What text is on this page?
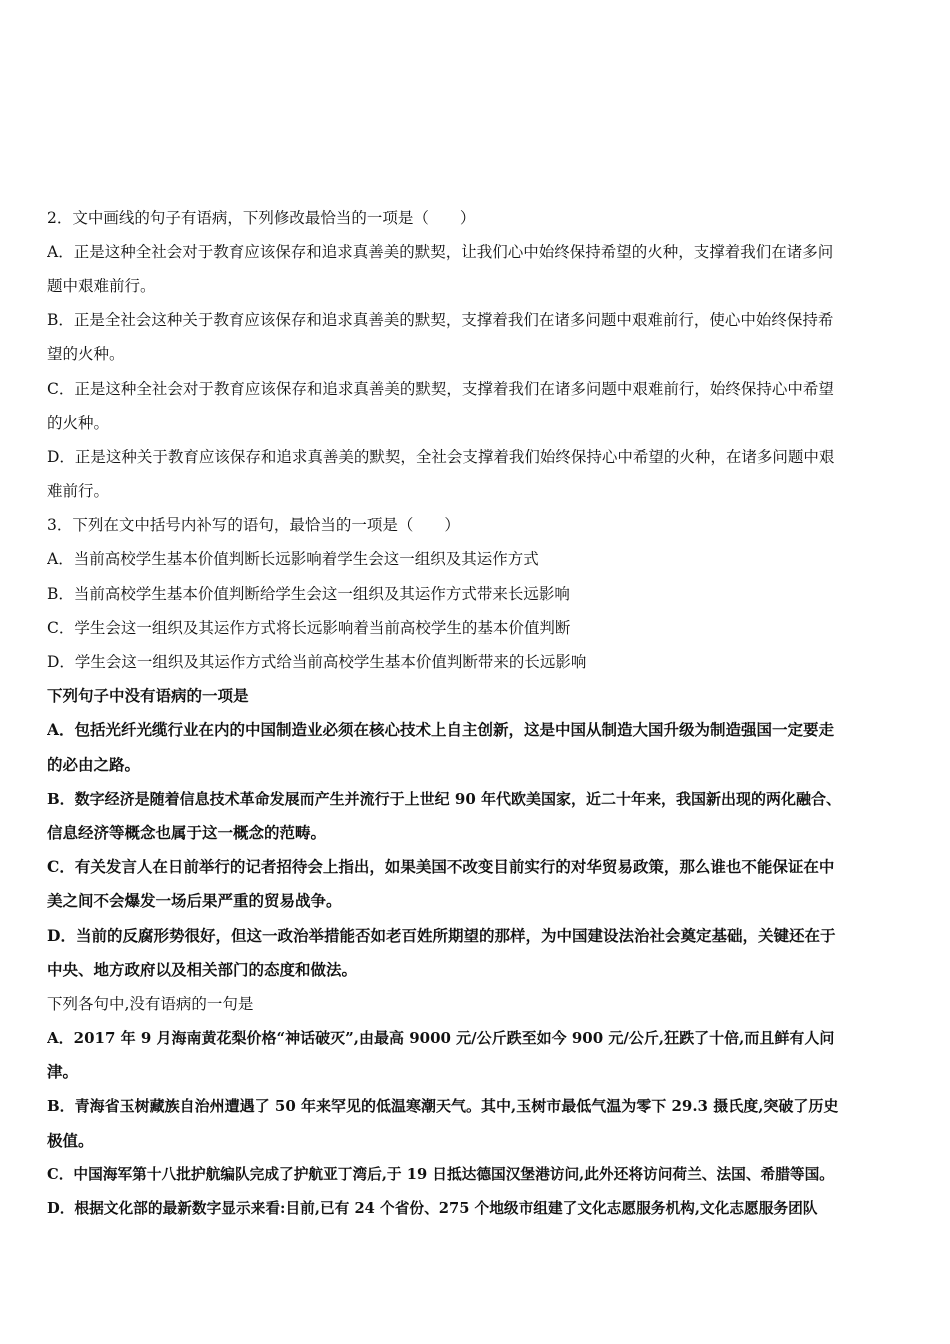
2．文中画线的句子有语病，下列修改最恰当的一项是（　　）
A．正是这种全社会对于教育应该保存和追求真善美的默契，让我们心中始终保持希望的火种，支撑着我们在诸多问
题中艰难前行。
B．正是全社会这种关于教育应该保存和追求真善美的默契，支撑着我们在诸多问题中艰难前行，使心中始终保持希
望的火种。
C．正是这种全社会对于教育应该保存和追求真善美的默契，支撑着我们在诸多问题中艰难前行，始终保持心中希望
的火种。
D．正是这种关于教育应该保存和追求真善美的默契，全社会支撑着我们始终保持心中希望的火种，在诸多问题中艰
难前行。
3．下列在文中括号内补写的语句，最恰当的一项是（　　）
A．当前高校学生基本价值判断长远影响着学生会这一组织及其运作方式
B．当前高校学生基本价值判断给学生会这一组织及其运作方式带来长远影响
C．学生会这一组织及其运作方式将长远影响着当前高校学生的基本价值判断
D．学生会这一组织及其运作方式给当前高校学生基本价值判断带来的长远影响
下列句子中没有语病的一项是
A．包括光纤光缆行业在内的中国制造业必须在核心技术上自主创新，这是中国从制造大国升级为制造强国一定要走
的必由之路。
B．数字经济是随着信息技术革命发展而产生并流行于上世纪 90 年代欧美国家，近二十年来，我国新出现的两化融合、
信息经济等概念也属于这一概念的范畴。
C．有关发言人在日前举行的记者招待会上指出，如果美国不改变目前实行的对华贸易政策，那么谁也不能保证在中
美之间不会爆发一场后果严重的贸易战争。
D．当前的反腐形势很好，但这一政治举措能否如老百姓所期望的那样，为中国建设法治社会奠定基础，关键还在于
中央、地方政府以及相关部门的态度和做法。
下列各句中,没有语病的一句是
A．2017 年 9 月海南黄花梨价格“神话破灭”,由最高 9000 元/公斤跌至如今 900 元/公斤,狂跌了十倍,而且鲜有人问
津。
B．青海省玉树藏族自治州遭遇了 50 年来罕见的低温寒潮天气。其中,玉树市最低气温为零下 29.3 摄氏度,突破了历史
极值。
C．中国海军第十八批护航编队完成了护航亚丁湾后,于 19 日抵达德国汉堡港访问,此外还将访问荷兰、法国、希腊等国。
D．根据文化部的最新数字显示来看:目前,已有 24 个省份、275 个地级市组建了文化志愿服务机构,文化志愿服务团队
